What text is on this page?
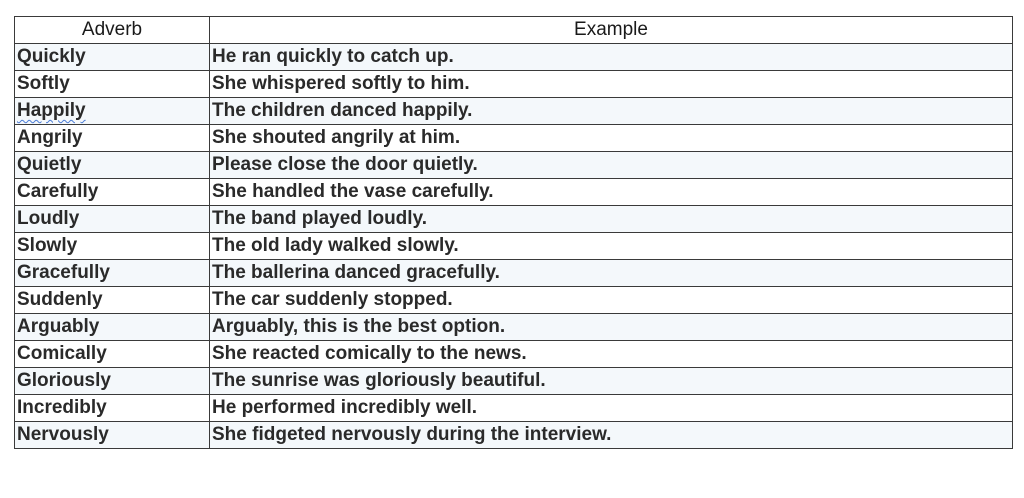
Adverb	Example
Quickly	He ran quickly to catch up.
Softly	She whispered softly to him.
Happily	The children danced happily.
Angrily	She shouted angrily at him.
Quietly	Please close the door quietly.
Carefully	She handled the vase carefully.
Loudly	The band played loudly.
Slowly	The old lady walked slowly.
Gracefully	The ballerina danced gracefully.
Suddenly	The car suddenly stopped.
Arguably	Arguably, this is the best option.
Comically	She reacted comically to the news.
Gloriously	The sunrise was gloriously beautiful.
Incredibly	He performed incredibly well.
Nervously	She fidgeted nervously during the interview.
